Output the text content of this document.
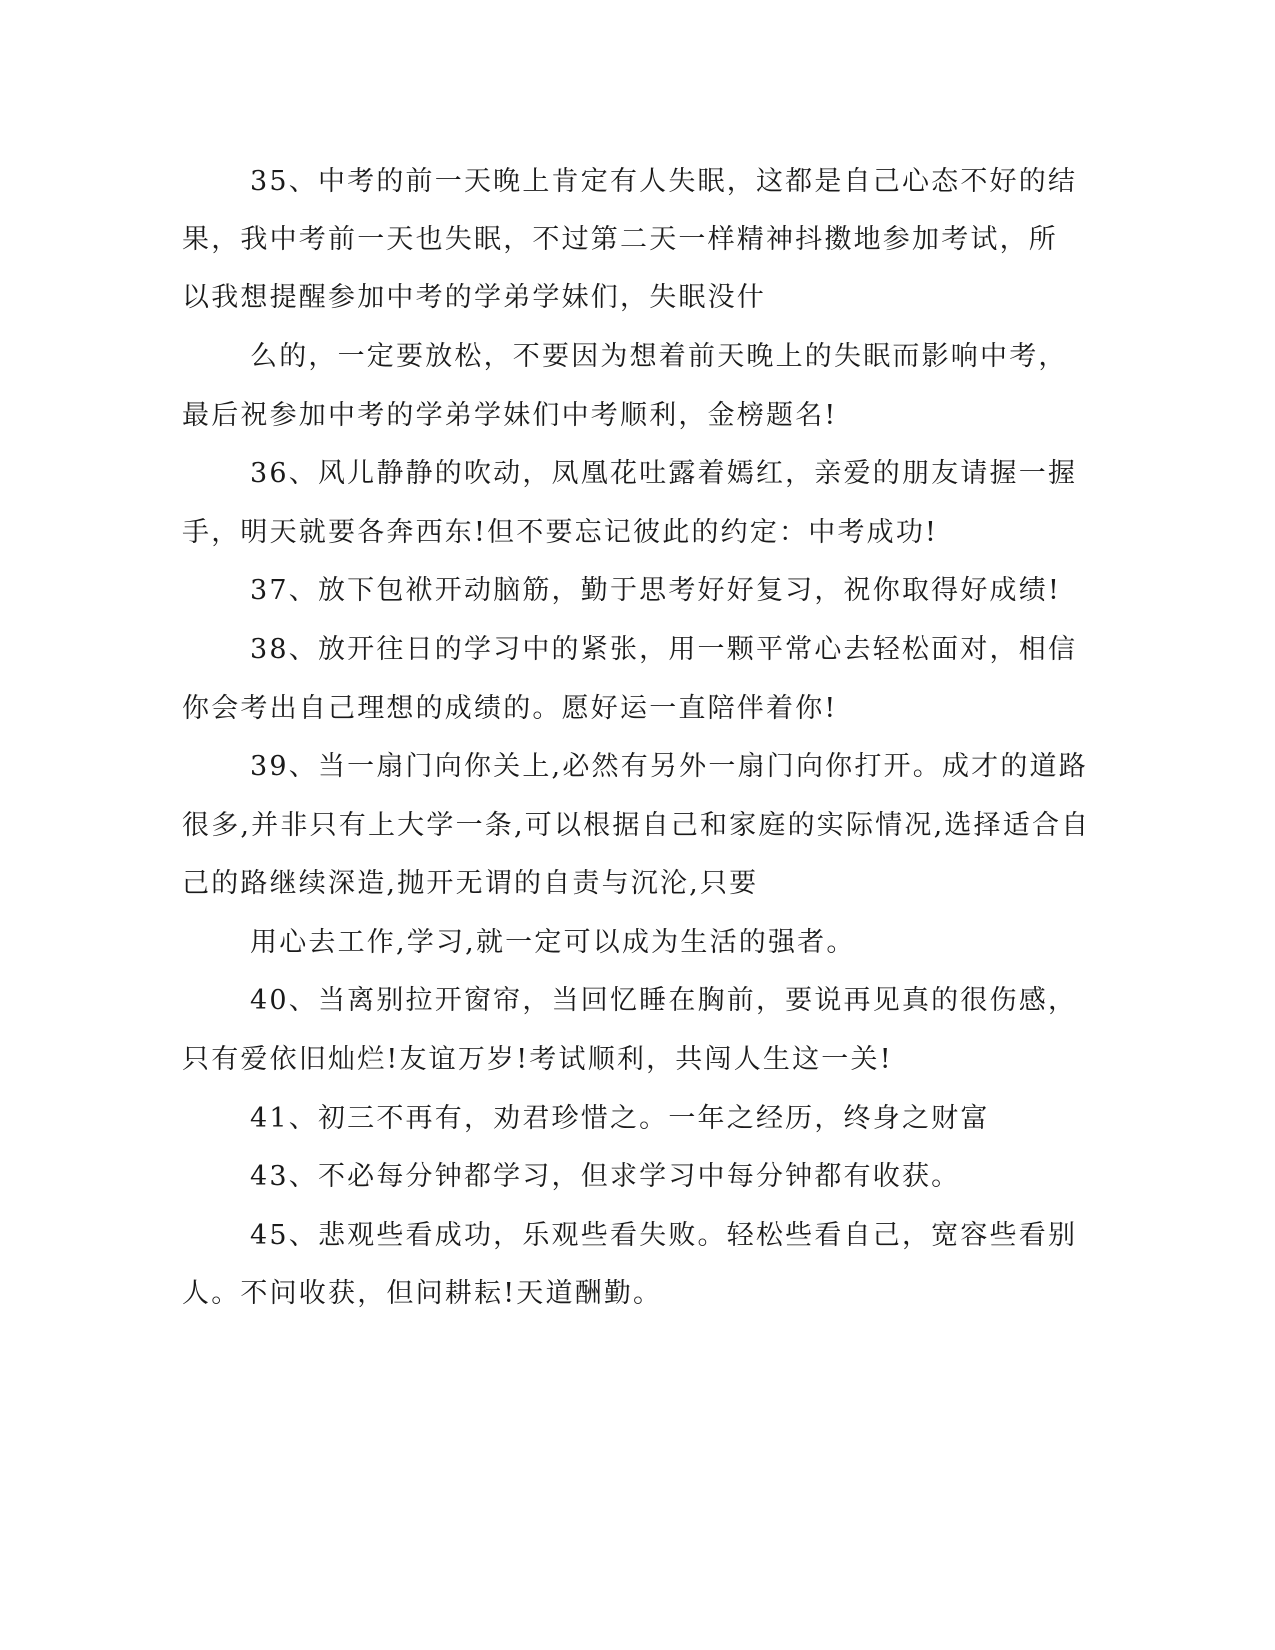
35、中考的前一天晚上肯定有人失眠，这都是自己心态不好的结

果，我中考前一天也失眠，不过第二天一样精神抖擞地参加考试，所

以我想提醒参加中考的学弟学妹们，失眠没什

么的，一定要放松，不要因为想着前天晚上的失眠而影响中考，

最后祝参加中考的学弟学妹们中考顺利，金榜题名!

36、风儿静静的吹动，凤凰花吐露着嫣红，亲爱的朋友请握一握

手，明天就要各奔西东!但不要忘记彼此的约定：中考成功!

37、放下包袱开动脑筋，勤于思考好好复习，祝你取得好成绩!

38、放开往日的学习中的紧张，用一颗平常心去轻松面对，相信

你会考出自己理想的成绩的。愿好运一直陪伴着你!

39、当一扇门向你关上,必然有另外一扇门向你打开。成才的道路

很多,并非只有上大学一条,可以根据自己和家庭的实际情况,选择适合自

己的路继续深造,抛开无谓的自责与沉沦,只要

用心去工作,学习,就一定可以成为生活的强者。

40、当离别拉开窗帘，当回忆睡在胸前，要说再见真的很伤感，

只有爱依旧灿烂!友谊万岁!考试顺利，共闯人生这一关!

41、初三不再有，劝君珍惜之。一年之经历，终身之财富

43、不必每分钟都学习，但求学习中每分钟都有收获。

45、悲观些看成功，乐观些看失败。轻松些看自己，宽容些看别

人。不问收获，但问耕耘!天道酬勤。
